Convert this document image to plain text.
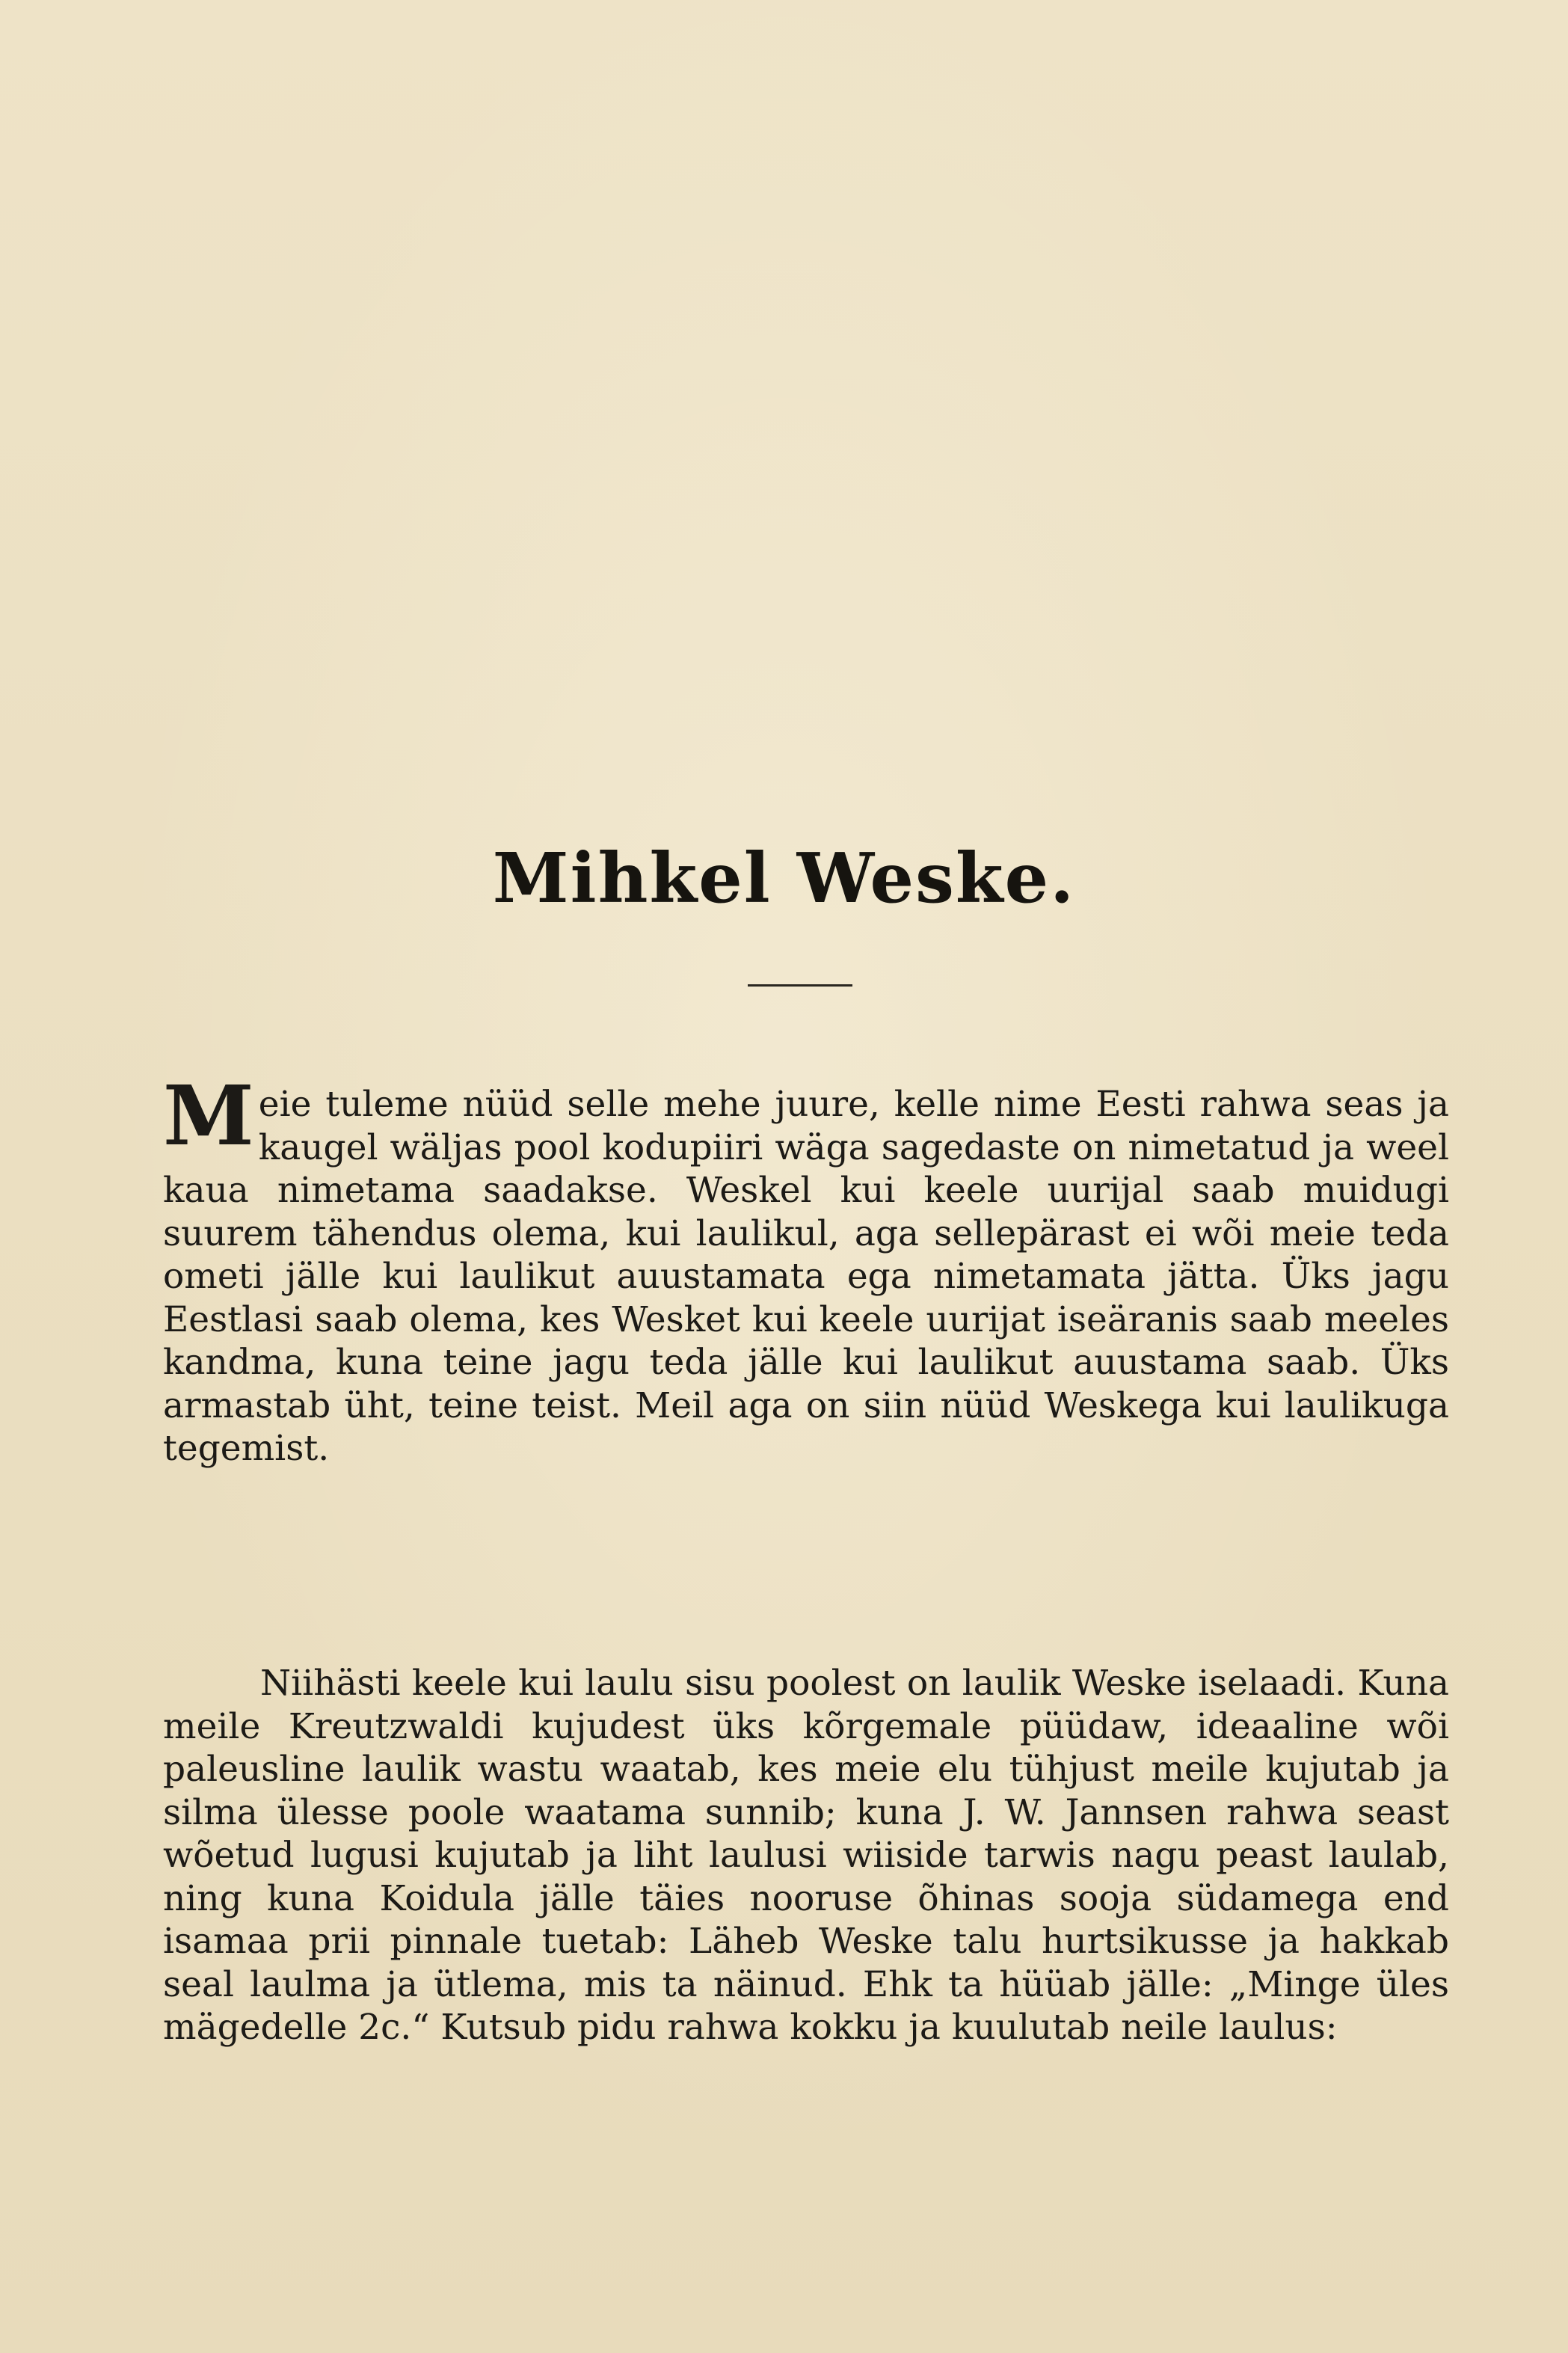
Mihkel Weske.

Meie tuleme nüüd selle mehe juure, kelle nime Eesti rahwa seas ja kaugel wäljas pool kodupiiri wäga sagedaste on nimetatud ja weel kaua nimetama saadakse. Weskel kui keele uurijal saab muidugi suurem tähendus olema, kui laulikul, aga sellepärast ei wõi meie teda ometi jälle kui laulikut auustamata ega nimetamata jätta. Üks jagu Eestlasi saab olema, kes Wesket kui keele uurijat iseäranis saab meeles kandma, kuna teine jagu teda jälle kui laulikut auustama saab. Üks armastab üht, teine teist. Meil aga on siin nüüd Weskega kui laulikuga tegemist.

Niihästi keele kui laulu sisu poolest on laulik Weske iselaadi. Kuna meile Kreutzwaldi kujudest üks kõrgemale püüdaw, ideaaline wõi paleusline laulik wastu waatab, kes meie elu tühjust meile kujutab ja silma ülesse poole waatama sunnib; kuna J. W. Jannsen rahwa seast wõetud lugusi kujutab ja liht laulusi wiiside tarwis nagu peast laulab, ning kuna Koidula jälle täies nooruse õhinas sooja südamega end isamaa prii pinnale tuetab: Läheb Weske talu hurtsikusse ja hakkab seal laulma ja ütlema, mis ta näinud. Ehk ta hüüab jälle: „Minge üles mägedelle 2c.“ Kutsub pidu rahwa kokku ja kuulutab neile laulus:
